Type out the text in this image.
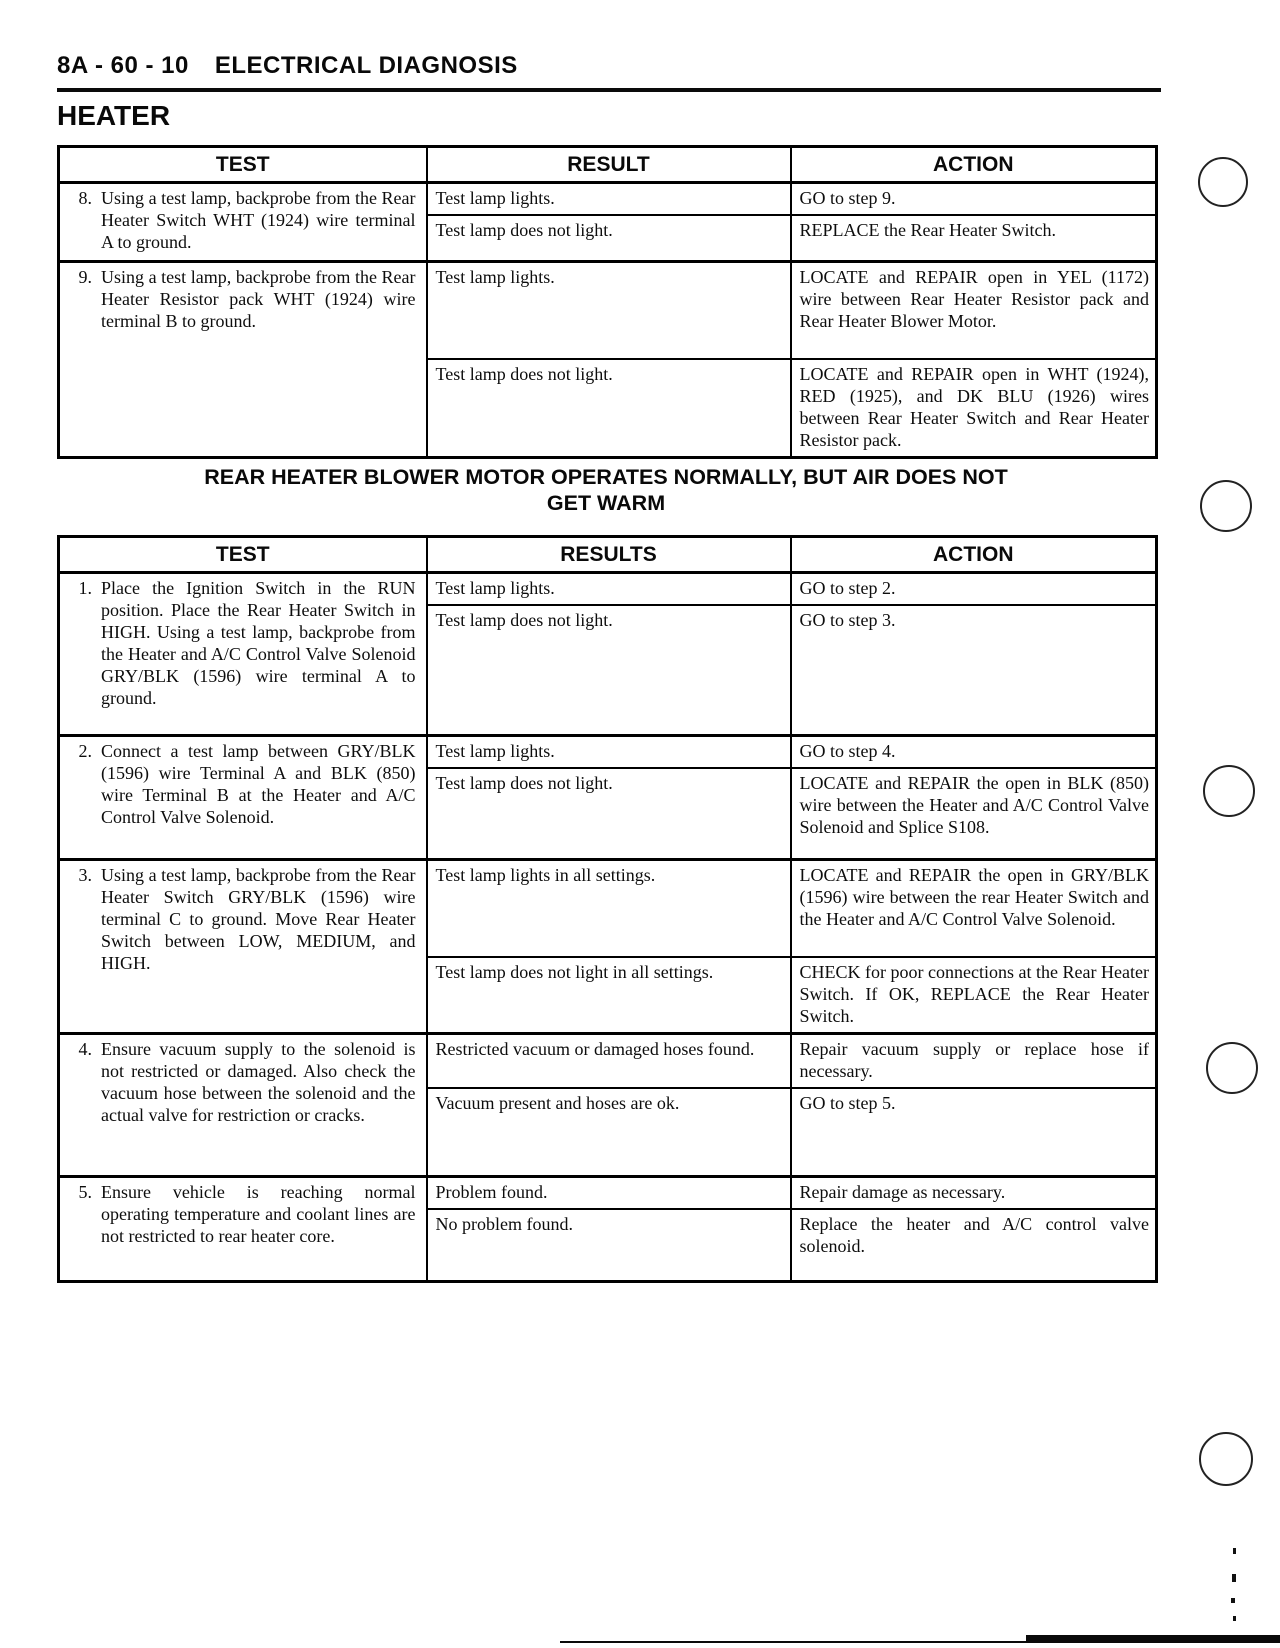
8A - 60 - 10 ELECTRICAL DIAGNOSIS
HEATER
TEST	RESULT	ACTION

8. Using a test lamp, backprobe from the Rear Heater Switch WHT (1924) wire terminal A to ground.	Test lamp lights.	GO to step 9.
	Test lamp does not light.	REPLACE the Rear Heater Switch.

9. Using a test lamp, backprobe from the Rear Heater Resistor pack WHT (1924) wire terminal B to ground.	Test lamp lights.	LOCATE and REPAIR open in YEL (1172) wire between Rear Heater Resistor pack and Rear Heater Blower Motor.
	Test lamp does not light.	LOCATE and REPAIR open in WHT (1924), RED (1925), and DK BLU (1926) wires between Rear Heater Switch and Rear Heater Resistor pack.
REAR HEATER BLOWER MOTOR OPERATES NORMALLY, BUT AIR DOES NOT
GET WARM
TEST	RESULTS	ACTION

1. Place the Ignition Switch in the RUN position. Place the Rear Heater Switch in HIGH. Using a test lamp, backprobe from the Heater and A/C Control Valve Solenoid GRY/BLK (1596) wire terminal A to ground.	Test lamp lights.	GO to step 2.
	Test lamp does not light.	GO to step 3.

2. Connect a test lamp between GRY/BLK (1596) wire Terminal A and BLK (850) wire Terminal B at the Heater and A/C Control Valve Solenoid.	Test lamp lights.	GO to step 4.
	Test lamp does not light.	LOCATE and REPAIR the open in BLK (850) wire between the Heater and A/C Control Valve Solenoid and Splice S108.

3. Using a test lamp, backprobe from the Rear Heater Switch GRY/BLK (1596) wire terminal C to ground. Move Rear Heater Switch between LOW, MEDIUM, and HIGH.	Test lamp lights in all settings.	LOCATE and REPAIR the open in GRY/BLK (1596) wire between the rear Heater Switch and the Heater and A/C Control Valve Solenoid.
	Test lamp does not light in all settings.	CHECK for poor connections at the Rear Heater Switch. If OK, REPLACE the Rear Heater Switch.

4. Ensure vacuum supply to the solenoid is not restricted or damaged. Also check the vacuum hose between the solenoid and the actual valve for restriction or cracks.	Restricted vacuum or damaged hoses found.	Repair vacuum supply or replace hose if necessary.
	Vacuum present and hoses are ok.	GO to step 5.

5. Ensure vehicle is reaching normal operating temperature and coolant lines are not restricted to rear heater core.	Problem found.	Repair damage as necessary.
	No problem found.	Replace the heater and A/C control valve solenoid.
